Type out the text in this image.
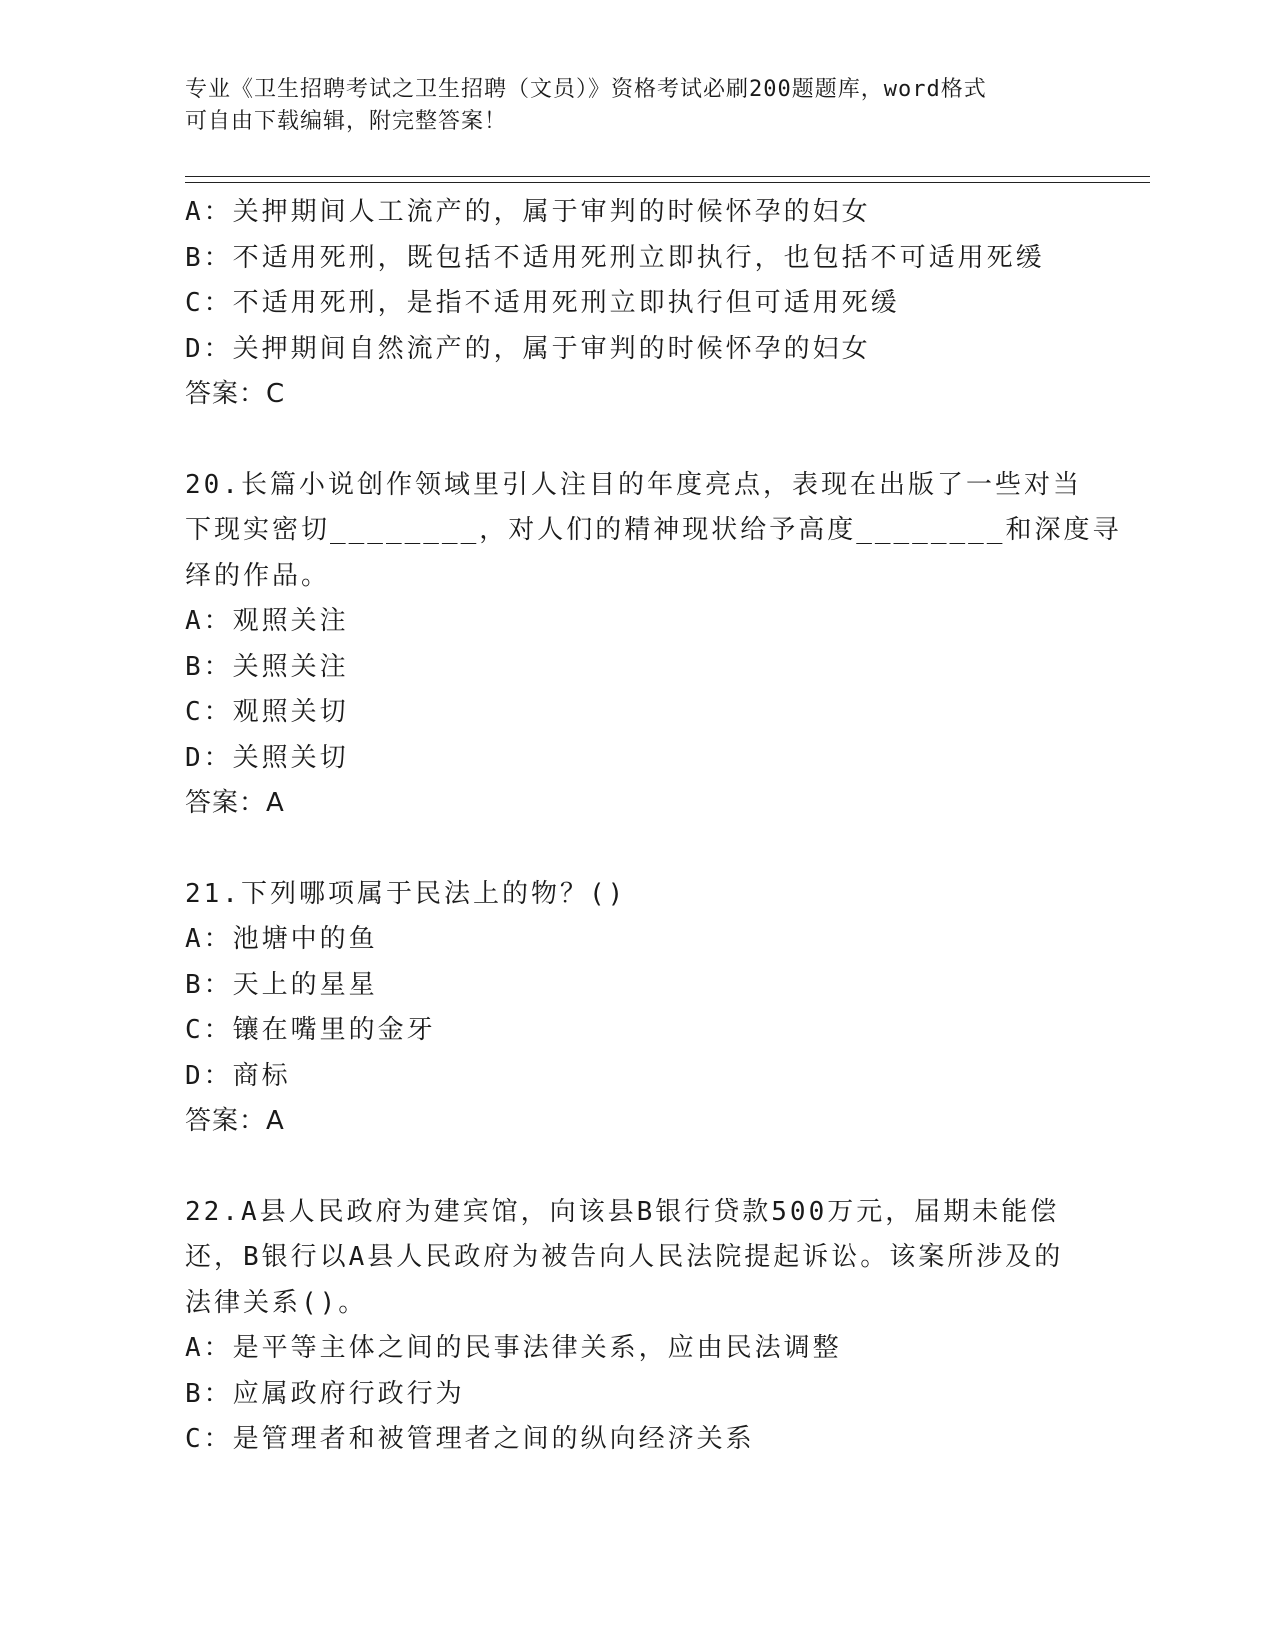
专业《卫生招聘考试之卫生招聘（文员）》资格考试必刷200题题库，word格式
可自由下载编辑，附完整答案！
A：关押期间人工流产的，属于审判的时候怀孕的妇女
B：不适用死刑，既包括不适用死刑立即执行，也包括不可适用死缓
C：不适用死刑，是指不适用死刑立即执行但可适用死缓
D：关押期间自然流产的，属于审判的时候怀孕的妇女
答案：C
20.长篇小说创作领域里引人注目的年度亮点，表现在出版了一些对当
下现实密切________，对人们的精神现状给予高度________和深度寻
绎的作品。
A：观照关注
B：关照关注
C：观照关切
D：关照关切
答案：A
21.下列哪项属于民法上的物？()
A：池塘中的鱼
B：天上的星星
C：镶在嘴里的金牙
D：商标
答案：A
22.A县人民政府为建宾馆，向该县B银行贷款500万元，届期未能偿
还，B银行以A县人民政府为被告向人民法院提起诉讼。该案所涉及的
法律关系()。
A：是平等主体之间的民事法律关系，应由民法调整
B：应属政府行政行为
C：是管理者和被管理者之间的纵向经济关系
